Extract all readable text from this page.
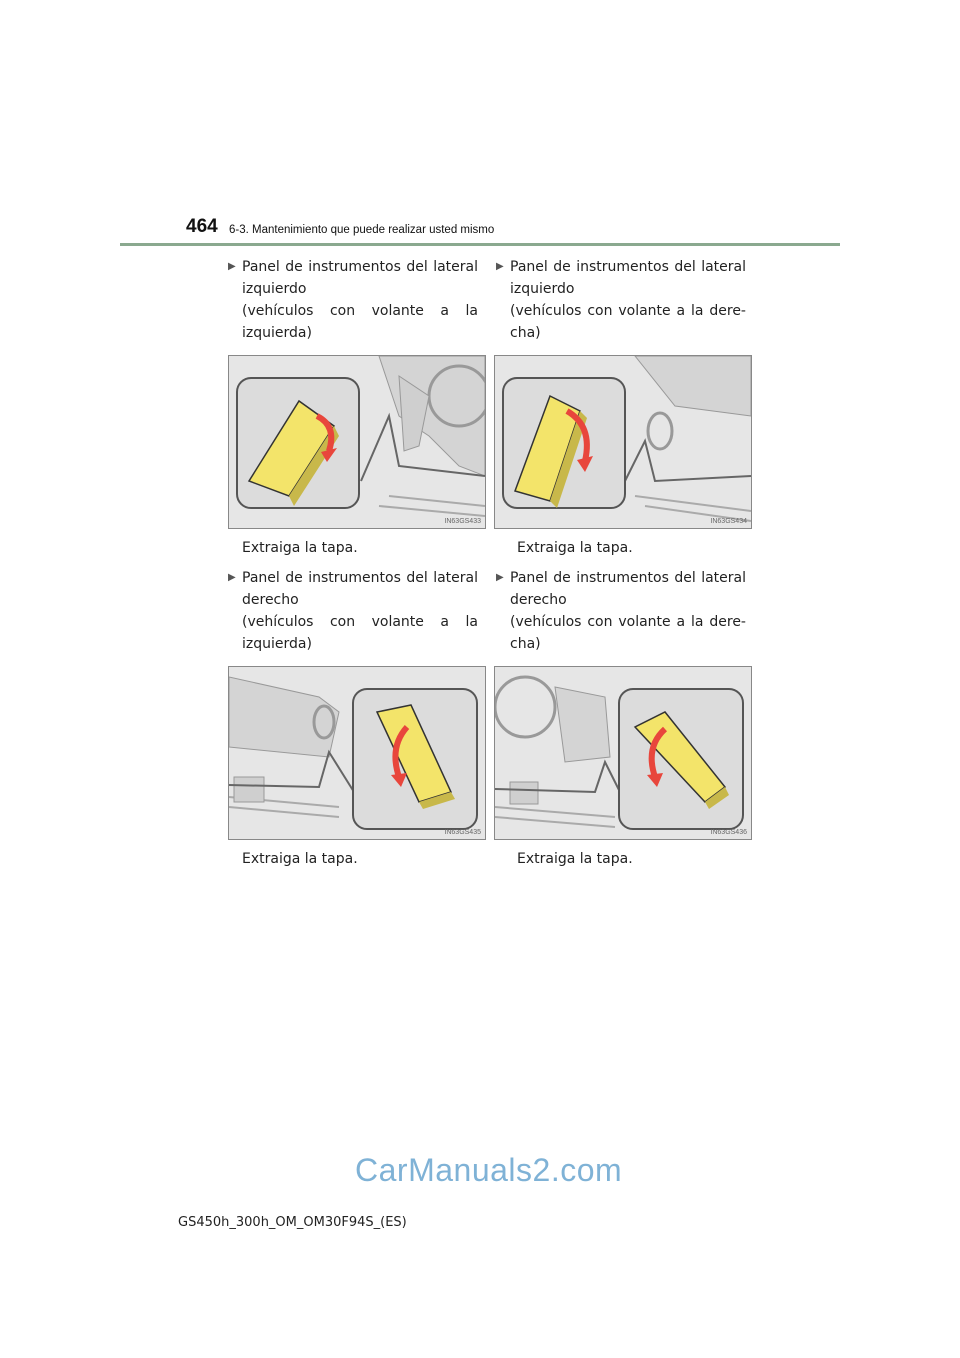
464 6-3. Mantenimiento que puede realizar usted mismo
▶ Panel de instrumentos del lateral
izquierdo
(vehículos con volante a la
izquierda)
▶ Panel de instrumentos del lateral
izquierdo
(vehículos con volante a la dere-
cha)
IN63GS433	IN63GS434
Extraiga la tapa.	Extraiga la tapa.
▶ Panel de instrumentos del lateral
derecho
(vehículos con volante a la
izquierda)
▶ Panel de instrumentos del lateral
derecho
(vehículos con volante a la dere-
cha)
IN63GS435	IN63GS436
Extraiga la tapa.	Extraiga la tapa.
CarManuals2.com
GS450h_300h_OM_OM30F94S_(ES)
